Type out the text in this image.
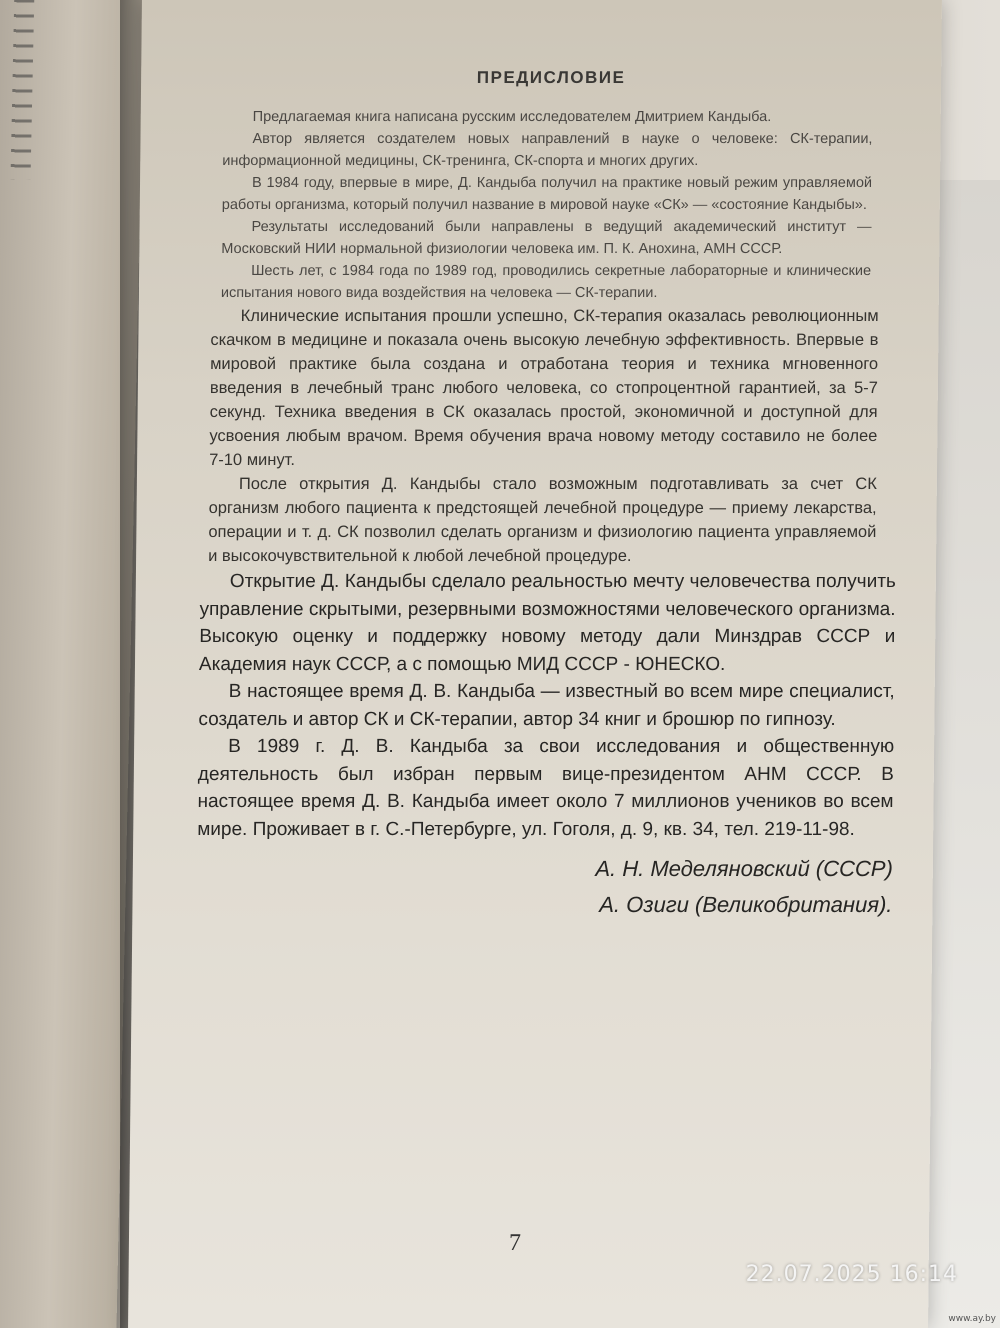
ПРЕДИСЛОВИЕ

Предлагаемая книга написана русским исследователем Дмитрием Кандыба.

Автор является создателем новых направлений в науке о человеке: СК-терапии, информационной медицины, СК-тренинга, СК-спорта и многих других.

В 1984 году, впервые в мире, Д. Кандыба получил на практике новый режим управляемой работы организма, который получил название в мировой науке «СК» — «состояние Кандыбы».

Результаты исследований были направлены в ведущий академический институт — Московский НИИ нормальной физиологии человека им. П. К. Анохина, АМН СССР.

Шесть лет, с 1984 года по 1989 год, проводились секретные лабораторные и клинические испытания нового вида воздействия на человека — СК-терапии.

Клинические испытания прошли успешно, СК-терапия оказалась революционным скачком в медицине и показала очень высокую лечебную эффективность. Впервые в мировой практике была создана и отработана теория и техника мгновенного введения в лечебный транс любого человека, со стопроцентной гарантией, за 5-7 секунд. Техника введения в СК оказалась простой, экономичной и доступной для усвоения любым врачом. Время обучения врача новому методу составило не более 7-10 минут.

После открытия Д. Кандыбы стало возможным подготавливать за счет СК организм любого пациента к предстоящей лечебной процедуре — приему лекарства, операции и т. д. СК позволил сделать организм и физиологию пациента управляемой и высокочувствительной к любой лечебной процедуре.

Открытие Д. Кандыбы сделало реальностью мечту человечества получить управление скрытыми, резервными возможностями человеческого организма. Высокую оценку и поддержку новому методу дали Минздрав СССР и Академия наук СССР, а с помощью МИД СССР - ЮНЕСКО.

В настоящее время Д. В. Кандыба — известный во всем мире специалист, создатель и автор СК и СК-терапии, автор 34 книг и брошюр по гипнозу.

В 1989 г. Д. В. Кандыба за свои исследования и общественную деятельность был избран первым вице-президентом АНМ СССР. В настоящее время Д. В. Кандыба имеет около 7 миллионов учеников во всем мире. Проживает в г. С.-Петербурге, ул. Гоголя, д. 9, кв. 34, тел. 219-11-98.

А. Н. Меделяновский (СССР)
А. Озиги (Великобритания).
7
22.07.2025 16:14
www.ay.by
